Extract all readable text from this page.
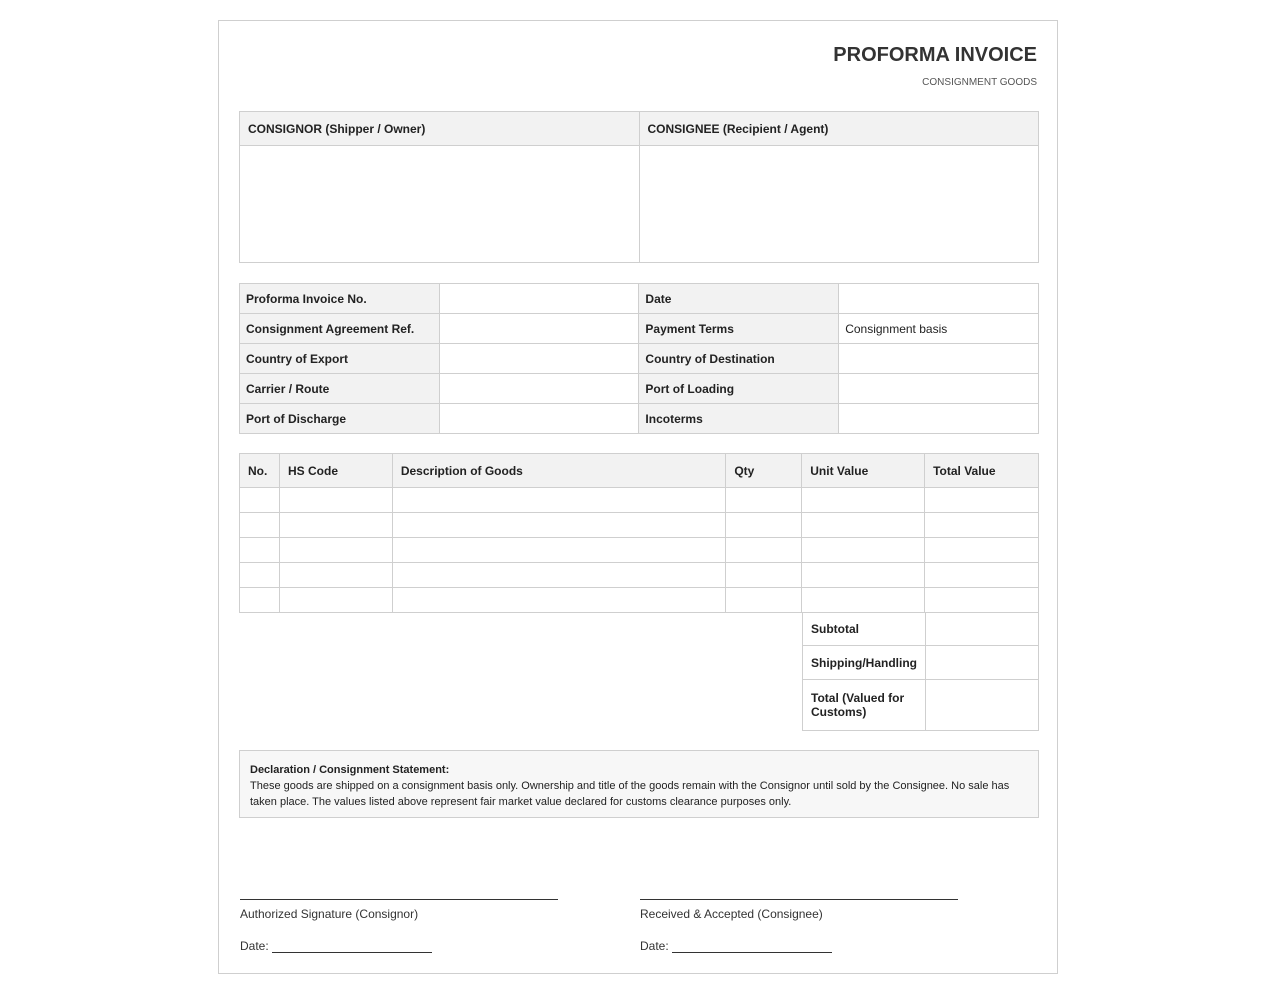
PROFORMA INVOICE
CONSIGNMENT GOODS
CONSIGNOR (Shipper / Owner)	CONSIGNEE (Recipient / Agent)

Proforma Invoice No.		Date	
Consignment Agreement Ref.		Payment Terms	Consignment basis
Country of Export		Country of Destination	
Carrier / Route		Port of Loading	
Port of Discharge		Incoterms	
No.	HS Code	Description of Goods	Qty	Unit Value	Total Value

Subtotal	
Shipping/Handling	
Total (Valued for Customs)	
Declaration / Consignment Statement:
These goods are shipped on a consignment basis only. Ownership and title of the goods remain with the Consignor until sold by the Consignee. No sale has taken place. The values listed above represent fair market value declared for customs clearance purposes only.
Authorized Signature (Consignor)
Date:
Received & Accepted (Consignee)
Date:
